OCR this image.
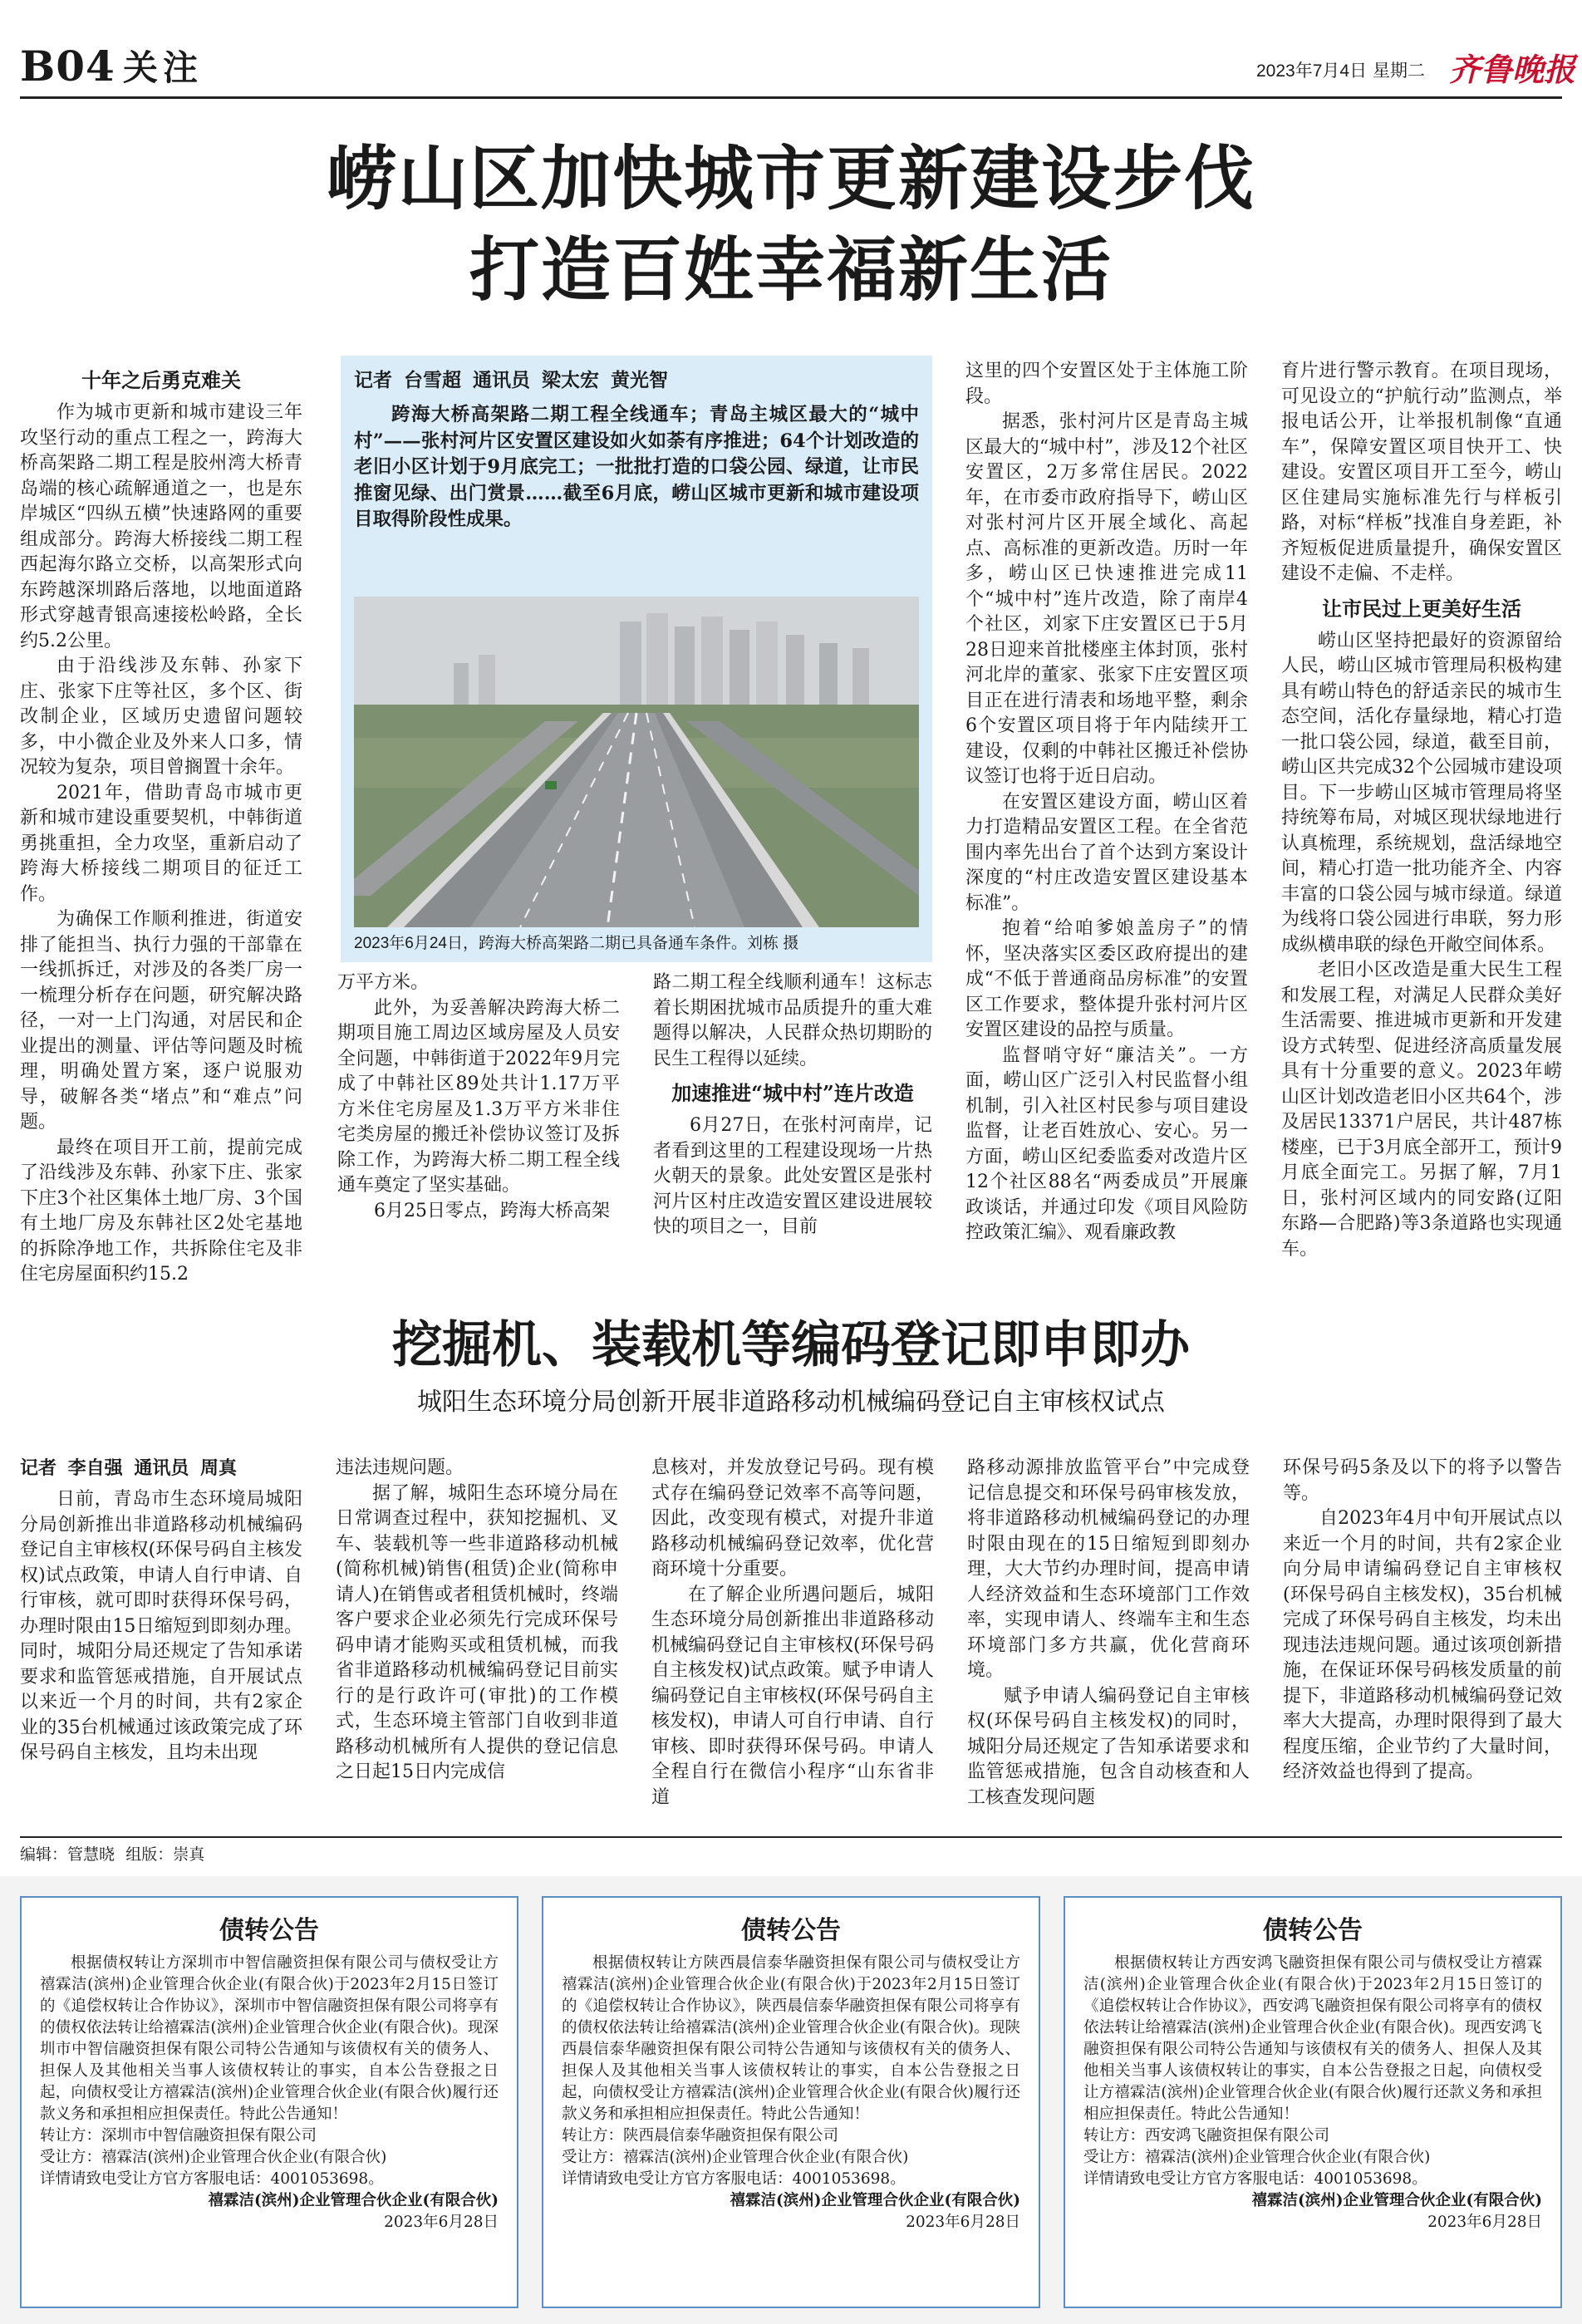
B04 关注	2023年7月4日 星期二 齐鲁晚报
崂山区加快城市更新建设步伐
打造百姓幸福新生活
十年之后勇克难关

作为城市更新和城市建设三年攻坚行动的重点工程之一，跨海大桥高架路二期工程是胶州湾大桥青岛端的核心疏解通道之一，也是东岸城区“四纵五横”快速路网的重要组成部分。跨海大桥接线二期工程西起海尔路立交桥，以高架形式向东跨越深圳路后落地，以地面道路形式穿越青银高速接松岭路，全长约5.2公里。

由于沿线涉及东韩、孙家下庄、张家下庄等社区，多个区、街改制企业，区域历史遗留问题较多，中小微企业及外来人口多，情况较为复杂，项目曾搁置十余年。

2021年，借助青岛市城市更新和城市建设重要契机，中韩街道勇挑重担，全力攻坚，重新启动了跨海大桥接线二期项目的征迁工作。

为确保工作顺利推进，街道安排了能担当、执行力强的干部靠在一线抓拆迁，对涉及的各类厂房一一梳理分析存在问题，研究解决路径，一对一上门沟通，对居民和企业提出的测量、评估等问题及时梳理，明确处置方案，逐户说服劝导，破解各类“堵点”和“难点”问题。

最终在项目开工前，提前完成了沿线涉及东韩、孙家下庄、张家下庄3个社区集体土地厂房、3个国有土地厂房及东韩社区2处宅基地的拆除净地工作，共拆除住宅及非住宅房屋面积约15.2

记者 台雪超 通讯员 梁太宏 黄光智
跨海大桥高架路二期工程全线通车；青岛主城区最大的“城中村”——张村河片区安置区建设如火如荼有序推进；64个计划改造的老旧小区计划于9月底完工；一批批打造的口袋公园、绿道，让市民推窗见绿、出门赏景……截至6月底，崂山区城市更新和城市建设项目取得阶段性成果。
2023年6月24日，跨海大桥高架路二期已具备通车条件。刘栋 摄

万平方米。

此外，为妥善解决跨海大桥二期项目施工周边区域房屋及人员安全问题，中韩街道于2022年9月完成了中韩社区89处共计1.17万平方米住宅房屋及1.3万平方米非住宅类房屋的搬迁补偿协议签订及拆除工作，为跨海大桥二期工程全线通车奠定了坚实基础。

6月25日零点，跨海大桥高架

路二期工程全线顺利通车！这标志着长期困扰城市品质提升的重大难题得以解决，人民群众热切期盼的民生工程得以延续。

加速推进“城中村”连片改造

6月27日，在张村河南岸，记者看到这里的工程建设现场一片热火朝天的景象。此处安置区是张村河片区村庄改造安置区建设进展较快的项目之一，目前

这里的四个安置区处于主体施工阶段。

据悉，张村河片区是青岛主城区最大的“城中村”，涉及12个社区安置区，2万多常住居民。2022年，在市委市政府指导下，崂山区对张村河片区开展全域化、高起点、高标准的更新改造。历时一年多，崂山区已快速推进完成11个“城中村”连片改造，除了南岸4个社区，刘家下庄安置区已于5月28日迎来首批楼座主体封顶，张村河北岸的董家、张家下庄安置区项目正在进行清表和场地平整，剩余6个安置区项目将于年内陆续开工建设，仅剩的中韩社区搬迁补偿协议签订也将于近日启动。

在安置区建设方面，崂山区着力打造精品安置区工程。在全省范围内率先出台了首个达到方案设计深度的“村庄改造安置区建设基本标准”。

抱着“给咱爹娘盖房子”的情怀，坚决落实区委区政府提出的建成“不低于普通商品房标准”的安置区工作要求，整体提升张村河片区安置区建设的品控与质量。

监督哨守好“廉洁关”。一方面，崂山区广泛引入村民监督小组机制，引入社区村民参与项目建设监督，让老百姓放心、安心。另一方面，崂山区纪委监委对改造片区12个社区88名“两委成员”开展廉政谈话，并通过印发《项目风险防控政策汇编》、观看廉政教

育片进行警示教育。在项目现场，可见设立的“护航行动”监测点，举报电话公开，让举报机制像“直通车”，保障安置区项目快开工、快建设。安置区项目开工至今，崂山区住建局实施标准先行与样板引路，对标“样板”找准自身差距，补齐短板促进质量提升，确保安置区建设不走偏、不走样。

让市民过上更美好生活

崂山区坚持把最好的资源留给人民，崂山区城市管理局积极构建具有崂山特色的舒适亲民的城市生态空间，活化存量绿地，精心打造一批口袋公园，绿道，截至目前，崂山区共完成32个公园城市建设项目。下一步崂山区城市管理局将坚持统筹布局，对城区现状绿地进行认真梳理，系统规划，盘活绿地空间，精心打造一批功能齐全、内容丰富的口袋公园与城市绿道。绿道为线将口袋公园进行串联，努力形成纵横串联的绿色开敞空间体系。

老旧小区改造是重大民生工程和发展工程，对满足人民群众美好生活需要、推进城市更新和开发建设方式转型、促进经济高质量发展具有十分重要的意义。2023年崂山区计划改造老旧小区共64个，涉及居民13371户居民，共计487栋楼座，已于3月底全部开工，预计9月底全面完工。另据了解，7月1日，张村河区域内的同安路(辽阳东路—合肥路)等3条道路也实现通车。

挖掘机、装载机等编码登记即申即办
城阳生态环境分局创新开展非道路移动机械编码登记自主审核权试点
记者 李自强 通讯员 周真

日前，青岛市生态环境局城阳分局创新推出非道路移动机械编码登记自主审核权(环保号码自主核发权)试点政策，申请人自行申请、自行审核，就可即时获得环保号码，办理时限由15日缩短到即刻办理。同时，城阳分局还规定了告知承诺要求和监管惩戒措施，自开展试点以来近一个月的时间，共有2家企业的35台机械通过该政策完成了环保号码自主核发，且均未出现

违法违规问题。

据了解，城阳生态环境分局在日常调查过程中，获知挖掘机、叉车、装载机等一些非道路移动机械(简称机械)销售(租赁)企业(简称申请人)在销售或者租赁机械时，终端客户要求企业必须先行完成环保号码申请才能购买或租赁机械，而我省非道路移动机械编码登记目前实行的是行政许可(审批)的工作模式，生态环境主管部门自收到非道路移动机械所有人提供的登记信息之日起15日内完成信

息核对，并发放登记号码。现有模式存在编码登记效率不高等问题，因此，改变现有模式，对提升非道路移动机械编码登记效率，优化营商环境十分重要。

在了解企业所遇问题后，城阳生态环境分局创新推出非道路移动机械编码登记自主审核权(环保号码自主核发权)试点政策。赋予申请人编码登记自主审核权(环保号码自主核发权)，申请人可自行申请、自行审核、即时获得环保号码。申请人全程自行在微信小程序“山东省非道

路移动源排放监管平台”中完成登记信息提交和环保号码审核发放，将非道路移动机械编码登记的办理时限由现在的15日缩短到即刻办理，大大节约办理时间，提高申请人经济效益和生态环境部门工作效率，实现申请人、终端车主和生态环境部门多方共赢，优化营商环境。

赋予申请人编码登记自主审核权(环保号码自主核发权)的同时，城阳分局还规定了告知承诺要求和监管惩戒措施，包含自动核查和人工核查发现问题

环保号码5条及以下的将予以警告等。

自2023年4月中旬开展试点以来近一个月的时间，共有2家企业向分局申请编码登记自主审核权(环保号码自主核发权)，35台机械完成了环保号码自主核发，均未出现违法违规问题。通过该项创新措施，在保证环保号码核发质量的前提下，非道路移动机械编码登记效率大大提高，办理时限得到了最大程度压缩，企业节约了大量时间，经济效益也得到了提高。

编辑：管慧晓 组版：崇真
债转公告

根据债权转让方深圳市中智信融资担保有限公司与债权受让方禧霖洁(滨州)企业管理合伙企业(有限合伙)于2023年2月15日签订的《追偿权转让合作协议》，深圳市中智信融资担保有限公司将享有的债权依法转让给禧霖洁(滨州)企业管理合伙企业(有限合伙)。现深圳市中智信融资担保有限公司特公告通知与该债权有关的债务人、担保人及其他相关当事人该债权转让的事实，自本公告登报之日起，向债权受让方禧霖洁(滨州)企业管理合伙企业(有限合伙)履行还款义务和承担相应担保责任。特此公告通知！

转让方：深圳市中智信融资担保有限公司

受让方：禧霖洁(滨州)企业管理合伙企业(有限合伙)

详情请致电受让方官方客服电话：4001053698。

禧霖洁(滨州)企业管理合伙企业(有限合伙)
2023年6月28日
债转公告

根据债权转让方陕西晨信泰华融资担保有限公司与债权受让方禧霖洁(滨州)企业管理合伙企业(有限合伙)于2023年2月15日签订的《追偿权转让合作协议》，陕西晨信泰华融资担保有限公司将享有的债权依法转让给禧霖洁(滨州)企业管理合伙企业(有限合伙)。现陕西晨信泰华融资担保有限公司特公告通知与该债权有关的债务人、担保人及其他相关当事人该债权转让的事实，自本公告登报之日起，向债权受让方禧霖洁(滨州)企业管理合伙企业(有限合伙)履行还款义务和承担相应担保责任。特此公告通知！

转让方：陕西晨信泰华融资担保有限公司

受让方：禧霖洁(滨州)企业管理合伙企业(有限合伙)

详情请致电受让方官方客服电话：4001053698。

禧霖洁(滨州)企业管理合伙企业(有限合伙)
2023年6月28日
债转公告

根据债权转让方西安鸿飞融资担保有限公司与债权受让方禧霖洁(滨州)企业管理合伙企业(有限合伙)于2023年2月15日签订的《追偿权转让合作协议》，西安鸿飞融资担保有限公司将享有的债权依法转让给禧霖洁(滨州)企业管理合伙企业(有限合伙)。现西安鸿飞融资担保有限公司特公告通知与该债权有关的债务人、担保人及其他相关当事人该债权转让的事实，自本公告登报之日起，向债权受让方禧霖洁(滨州)企业管理合伙企业(有限合伙)履行还款义务和承担相应担保责任。特此公告通知！

转让方：西安鸿飞融资担保有限公司

受让方：禧霖洁(滨州)企业管理合伙企业(有限合伙)

详情请致电受让方官方客服电话：4001053698。

禧霖洁(滨州)企业管理合伙企业(有限合伙)
2023年6月28日
